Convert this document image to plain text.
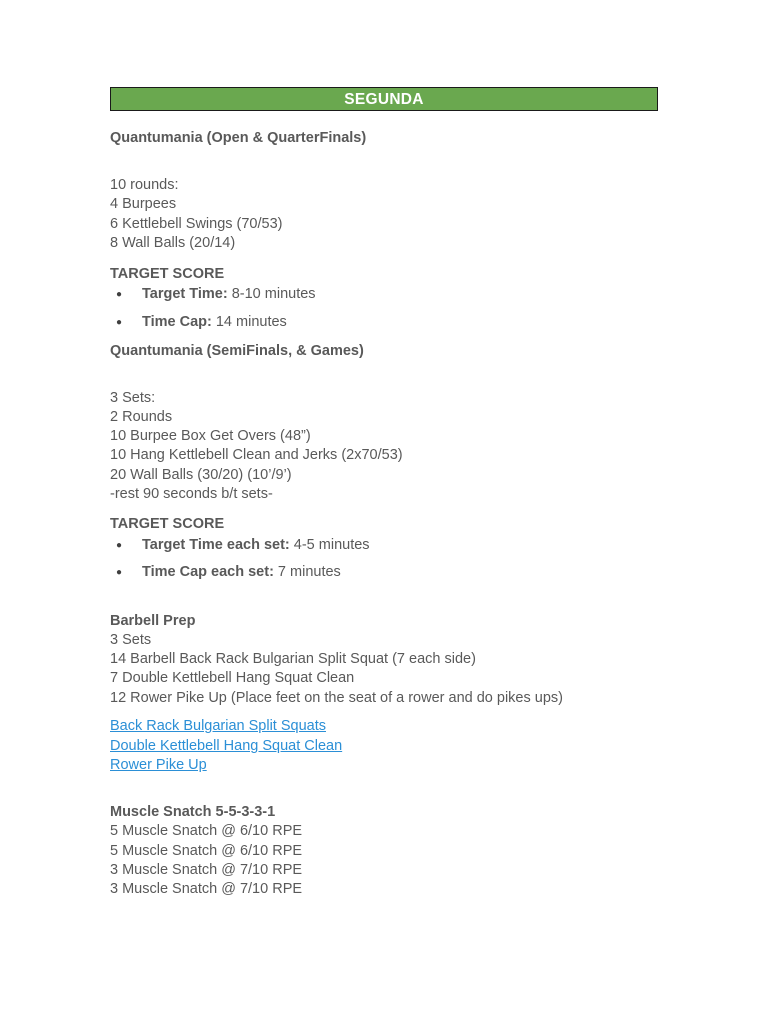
SEGUNDA
Quantumania (Open & QuarterFinals)
10 rounds:
4 Burpees
6 Kettlebell Swings (70/53)
8 Wall Balls (20/14)
TARGET SCORE
● Target Time: 8-10 minutes
● Time Cap: 14 minutes
Quantumania (SemiFinals, & Games)
3 Sets:
2 Rounds
10 Burpee Box Get Overs (48”)
10 Hang Kettlebell Clean and Jerks (2x70/53)
20 Wall Balls (30/20) (10’/9’)
-rest 90 seconds b/t sets-
TARGET SCORE
● Target Time each set: 4-5 minutes
● Time Cap each set: 7 minutes
Barbell Prep
3 Sets
14 Barbell Back Rack Bulgarian Split Squat (7 each side)
7 Double Kettlebell Hang Squat Clean
12 Rower Pike Up (Place feet on the seat of a rower and do pikes ups)
Back Rack Bulgarian Split Squats
Double Kettlebell Hang Squat Clean
Rower Pike Up
Muscle Snatch 5-5-3-3-1
5 Muscle Snatch @ 6/10 RPE
5 Muscle Snatch @ 6/10 RPE
3 Muscle Snatch @ 7/10 RPE
3 Muscle Snatch @ 7/10 RPE
